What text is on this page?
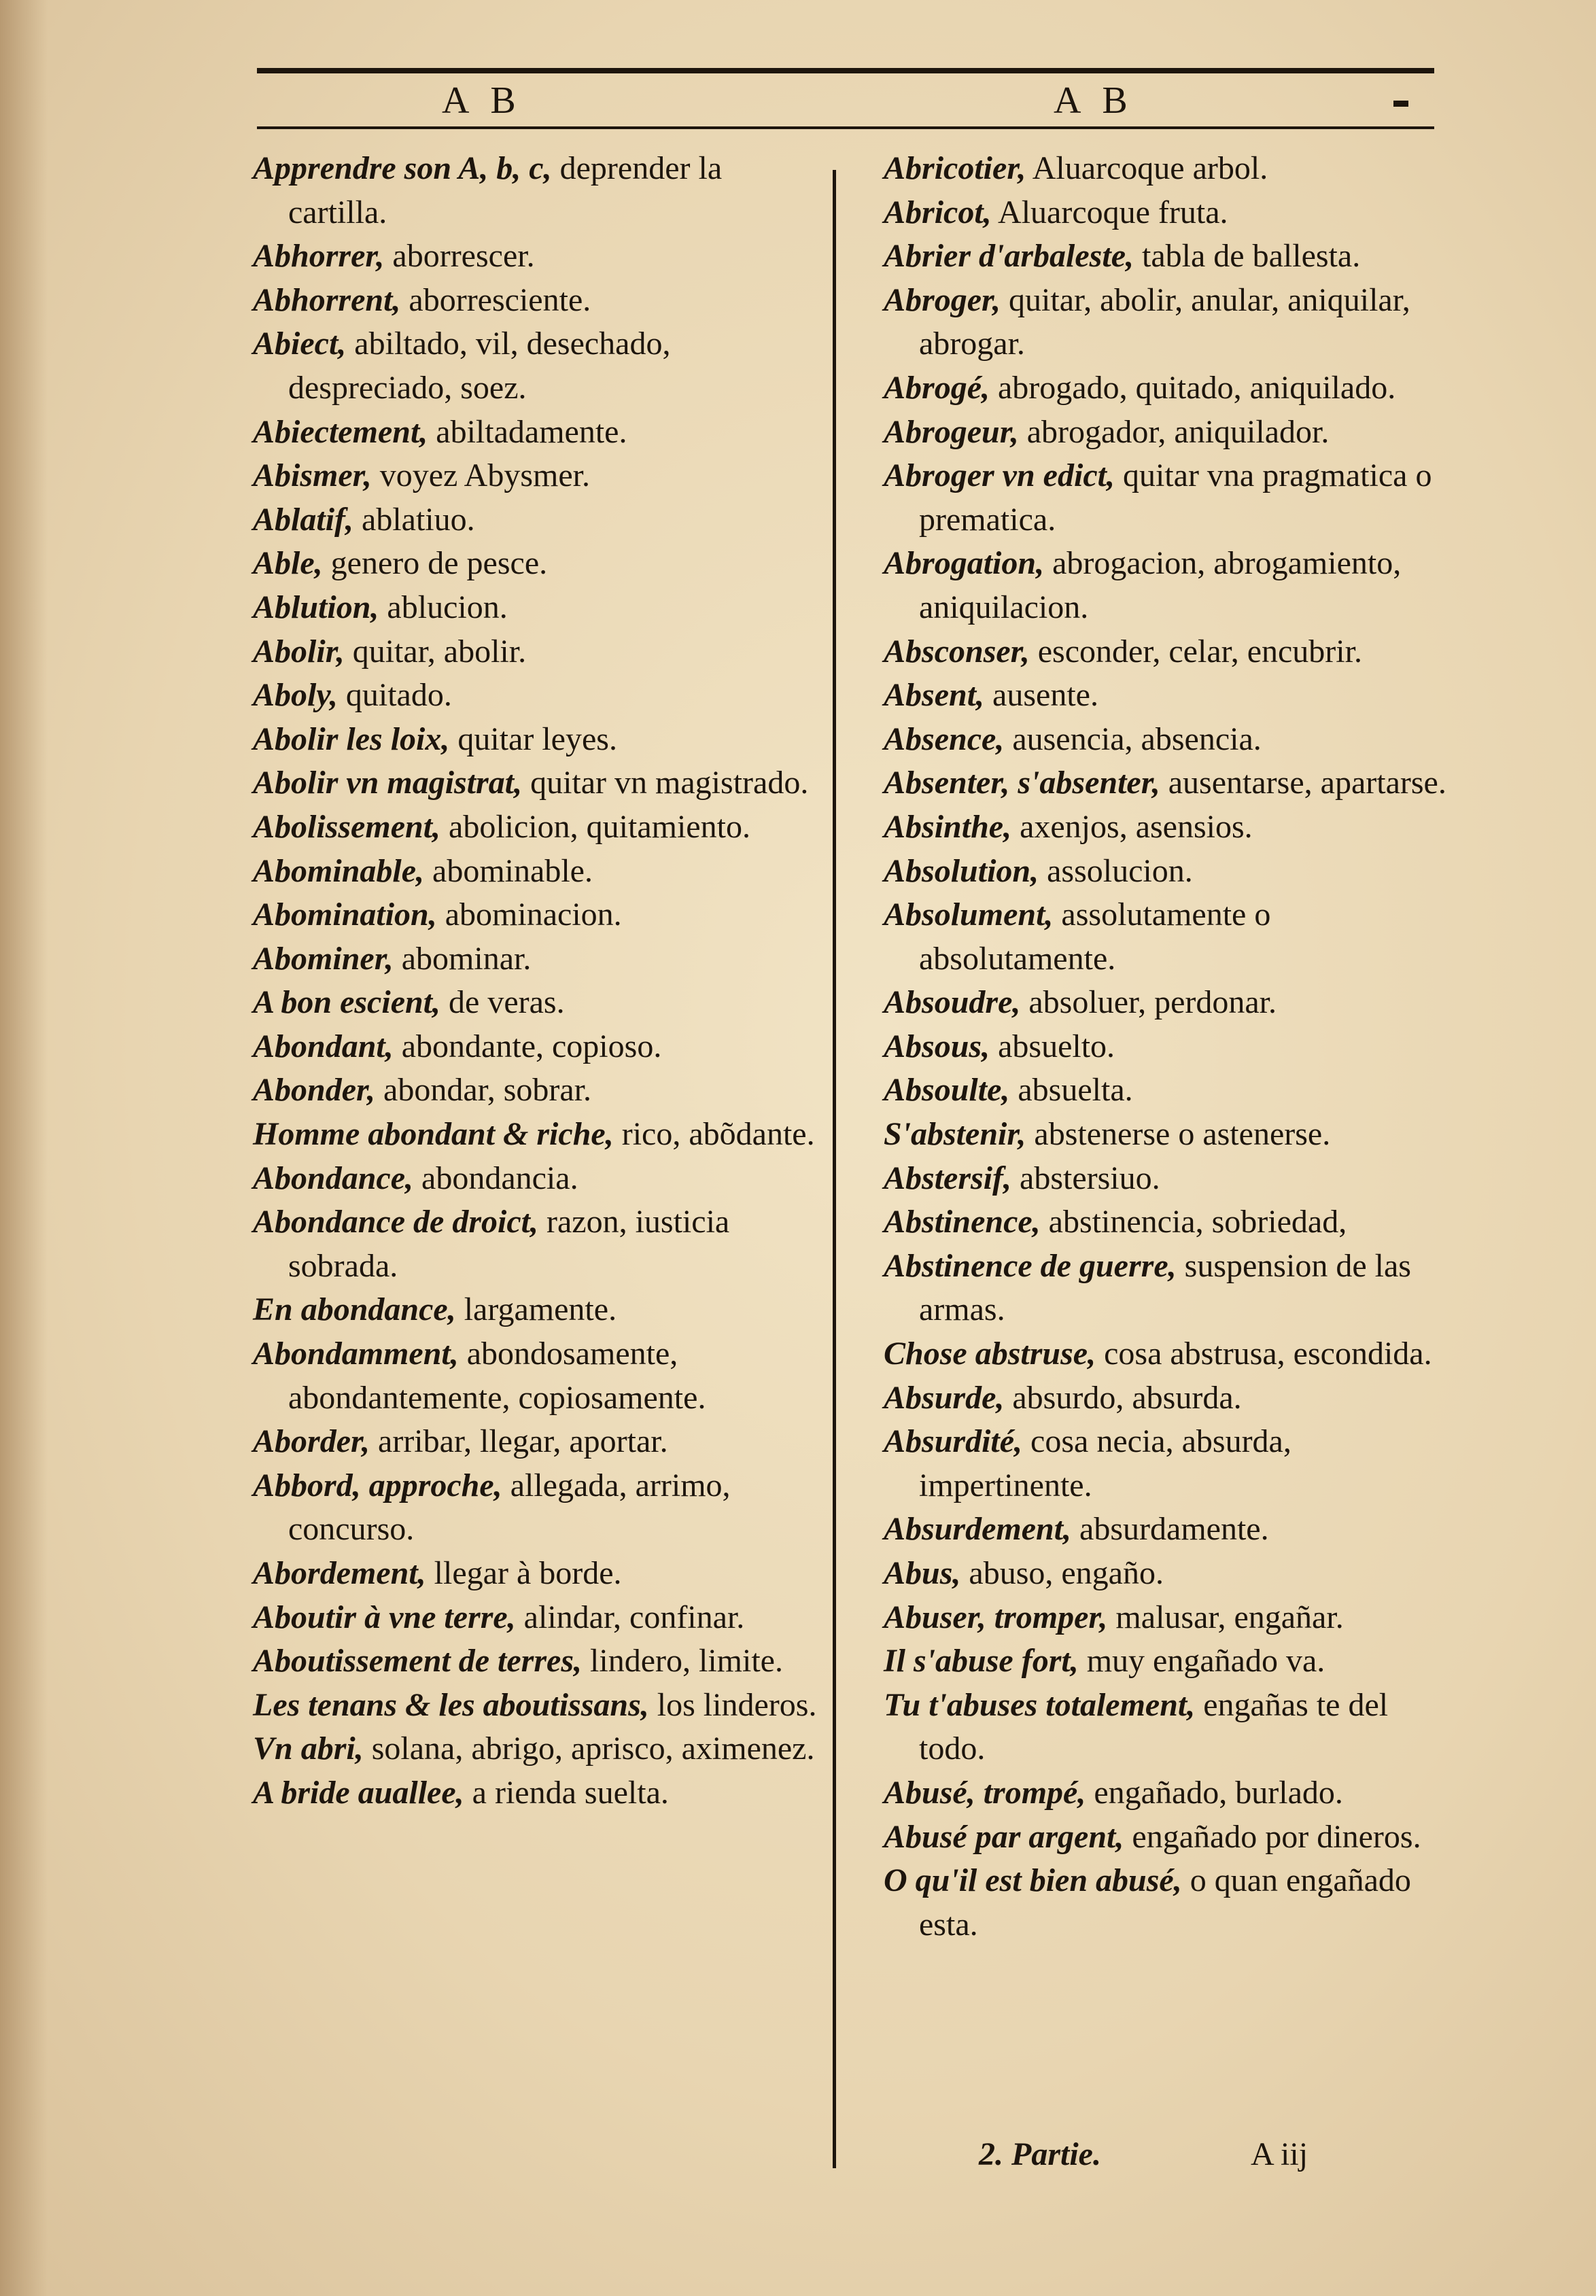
A B	A B

Apprendre son A, b, c, deprender la cartilla.

Abhorrer, aborrescer.

Abhorrent, aborresciente.

Abiect, abiltado, vil, desechado, despreciado, soez.

Abiectement, abiltadamente.

Abismer, voyez Abysmer.

Ablatif, ablatiuo.

Able, genero de pesce.

Ablution, ablucion.

Abolir, quitar, abolir.

Aboly, quitado.

Abolir les loix, quitar leyes.

Abolir vn magistrat, quitar vn magistrado.

Abolissement, abolicion, quitamiento.

Abominable, abominable.

Abomination, abominacion.

Abominer, abominar.

A bon escient, de veras.

Abondant, abondante, copioso.

Abonder, abondar, sobrar.

Homme abondant & riche, rico, abõdante.

Abondance, abondancia.

Abondance de droict, razon, iusticia sobrada.

En abondance, largamente.

Abondamment, abondosamente, abondantemente, copiosamente.

Aborder, arribar, llegar, aportar.

Abbord, approche, allegada, arrimo, concurso.

Abordement, llegar à borde.

Aboutir à vne terre, alindar, confinar.

Aboutissement de terres, lindero, limite.

Les tenans & les aboutissans, los linderos.

Vn abri, solana, abrigo, aprisco, aximenez.

A bride auallee, a rienda suelta.

Abricotier, Aluarcoque arbol.

Abricot, Aluarcoque fruta.

Abrier d'arbaleste, tabla de ballesta.

Abroger, quitar, abolir, anular, aniquilar, abrogar.

Abrogé, abrogado, quitado, aniquilado.

Abrogeur, abrogador, aniquilador.

Abroger vn edict, quitar vna pragmatica o prematica.

Abrogation, abrogacion, abrogamiento, aniquilacion.

Absconser, esconder, celar, encubrir.

Absent, ausente.

Absence, ausencia, absencia.

Absenter, s'absenter, ausentarse, apartarse.

Absinthe, axenjos, asensios.

Absolution, assolucion.

Absolument, assolutamente o absolutamente.

Absoudre, absoluer, perdonar.

Absous, absuelto.

Absoulte, absuelta.

S'abstenir, abstenerse o astenerse.

Abstersif, abstersiuo.

Abstinence, abstinencia, sobriedad,

Abstinence de guerre, suspension de las armas.

Chose abstruse, cosa abstrusa, escondida.

Absurde, absurdo, absurda.

Absurdité, cosa necia, absurda, impertinente.

Absurdement, absurdamente.

Abus, abuso, engaño.

Abuser, tromper, malusar, engañar.

Il s'abuse fort, muy engañado va.

Tu t'abuses totalement, engañas te del todo.

Abusé, trompé, engañado, burlado.

Abusé par argent, engañado por dineros.

O qu'il est bien abusé, o quan engañado esta.

2. Partie.	A iij
